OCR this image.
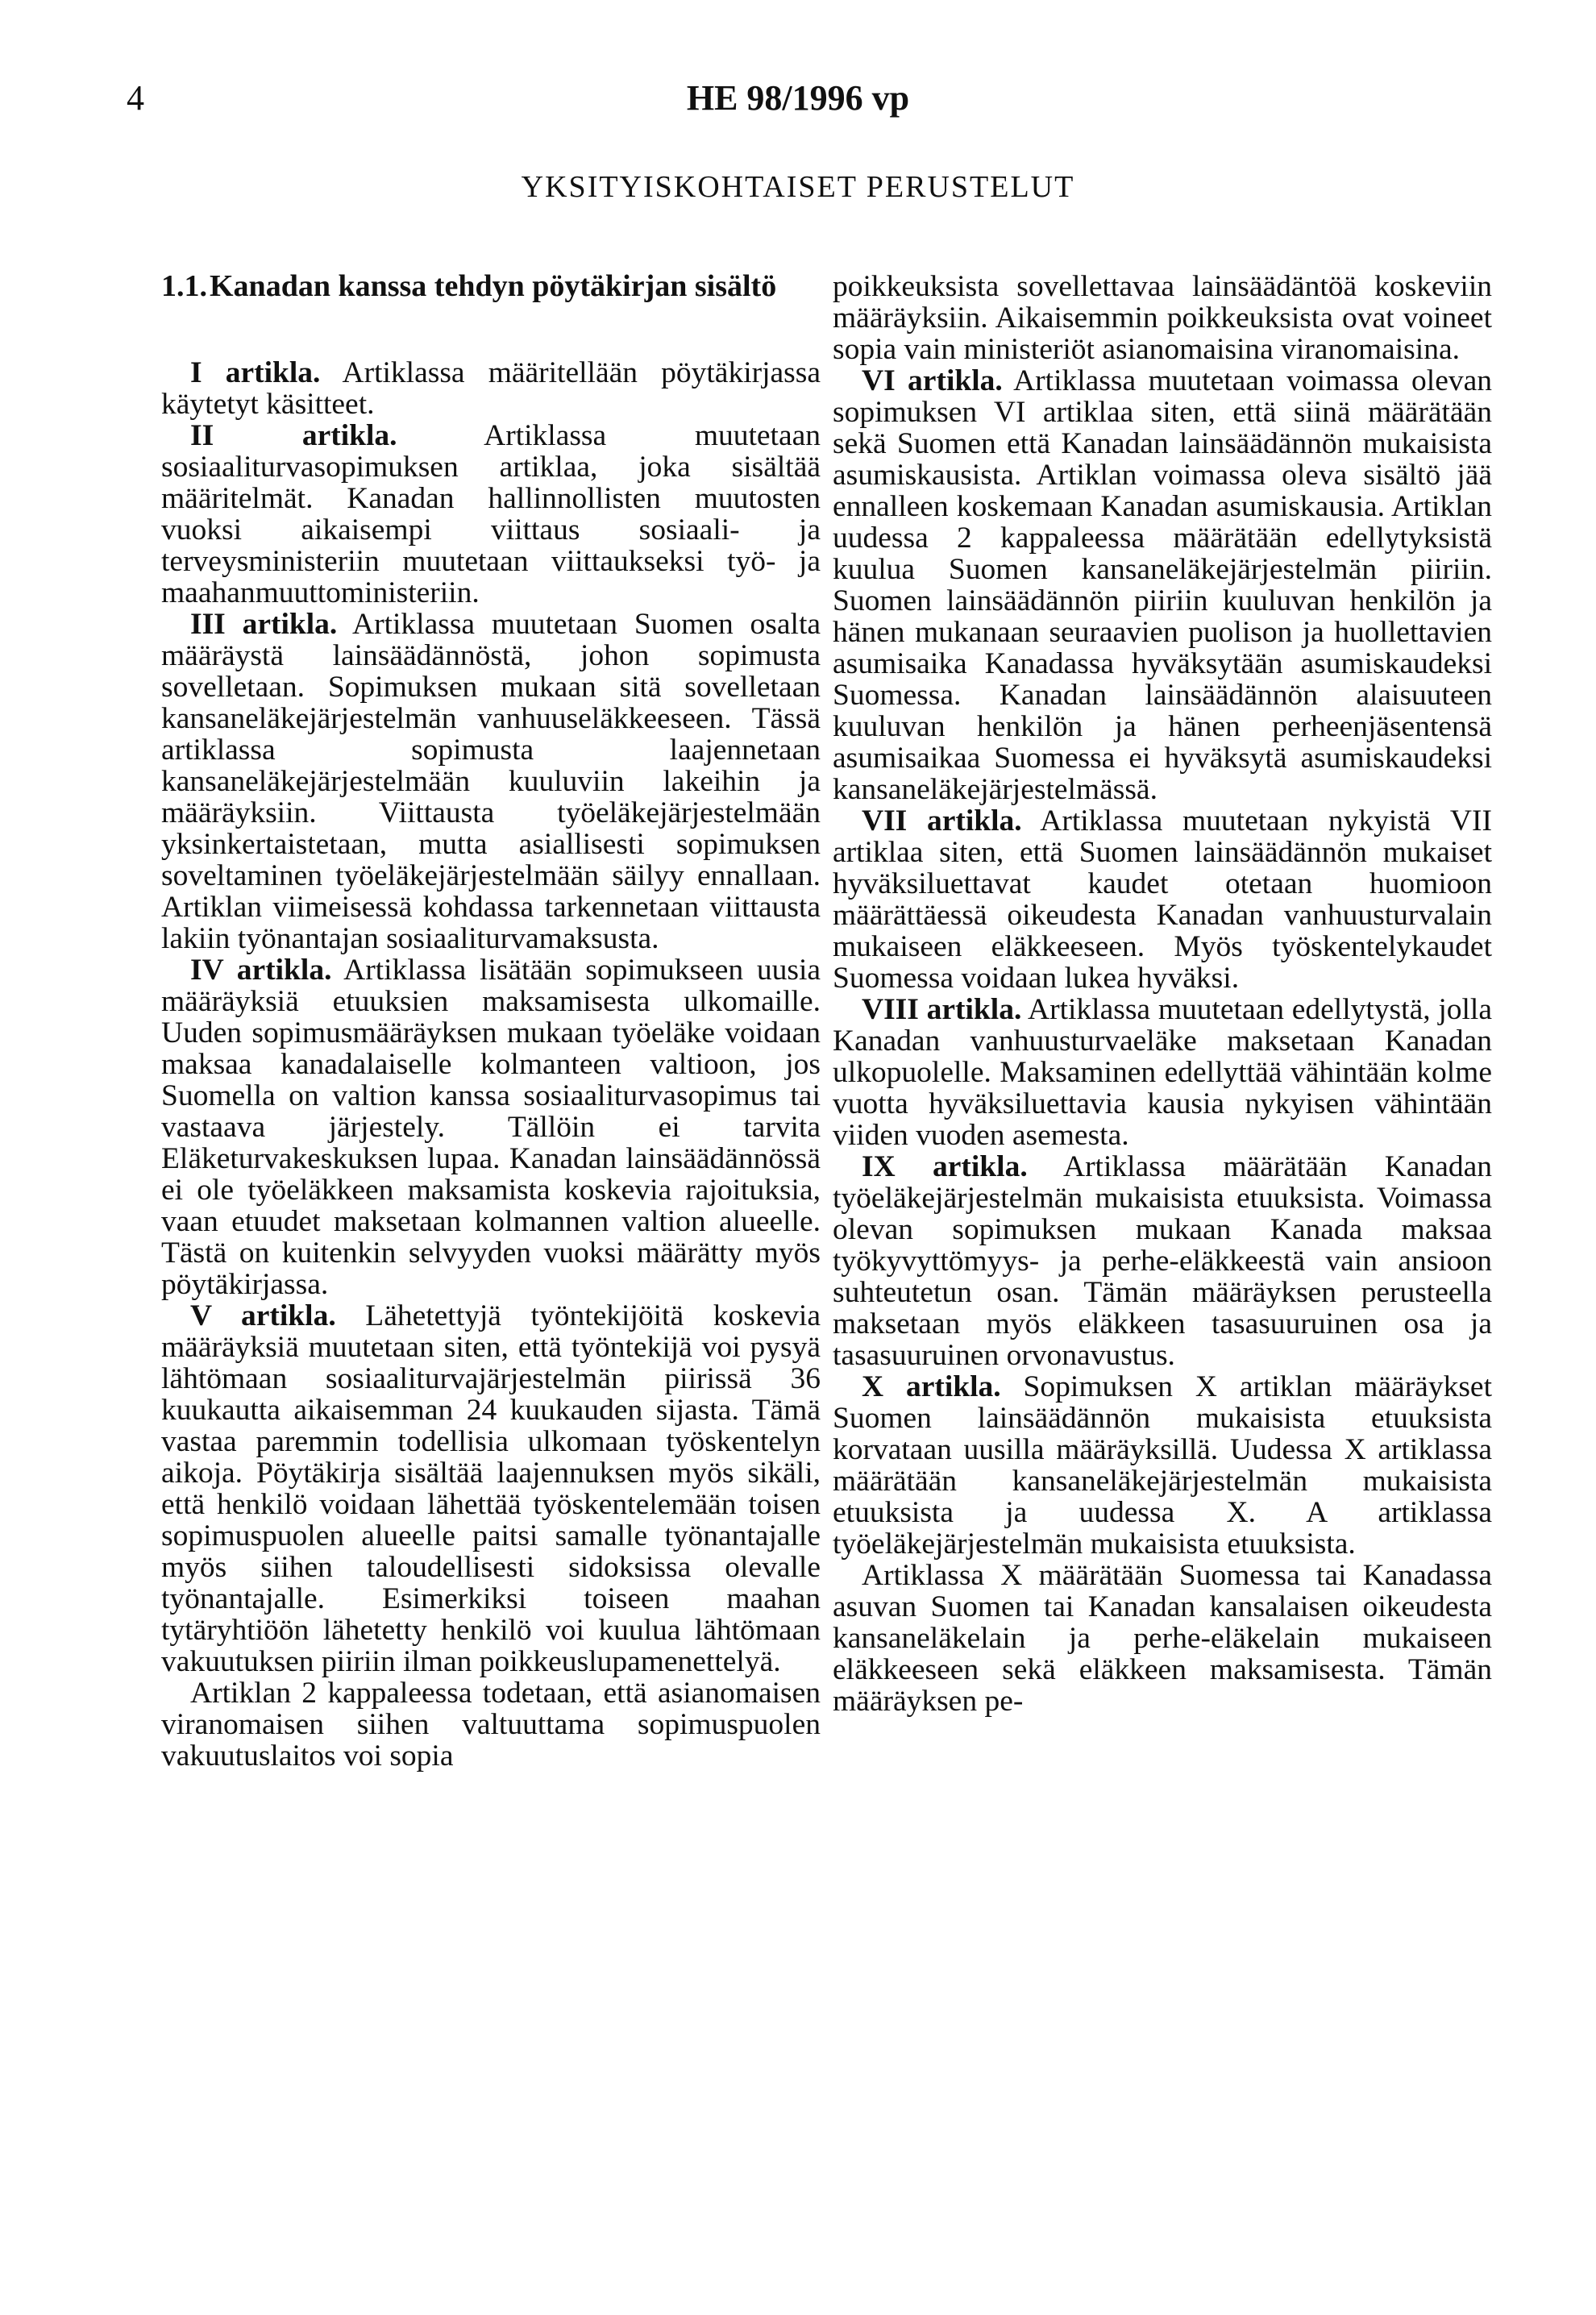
4	HE 98/1996 vp
YKSITYISKOHTAISET PERUSTELUT
1.1.Kanadan kanssa tehdyn pöytäkirjan sisältö

I artikla. Artiklassa määritellään pöytäkirjassa käytetyt käsitteet.

II artikla. Artiklassa muutetaan sosiaaliturvasopimuksen artiklaa, joka sisältää määritelmät. Kanadan hallinnollisten muutosten vuoksi aikaisempi viittaus sosiaali- ja terveysministeriin muutetaan viittaukseksi työ- ja maahanmuuttoministeriin.

III artikla. Artiklassa muutetaan Suomen osalta määräystä lainsäädännöstä, johon sopimusta sovelletaan. Sopimuksen mukaan sitä sovelletaan kansaneläkejärjestelmän vanhuuseläkkeeseen. Tässä artiklassa sopimusta laajennetaan kansaneläkejärjestelmään kuuluviin lakeihin ja määräyksiin. Viittausta työeläkejärjestelmään yksinkertaistetaan, mutta asiallisesti sopimuksen soveltaminen työeläkejärjestelmään säilyy ennallaan. Artiklan viimeisessä kohdassa tarkennetaan viittausta lakiin työnantajan sosiaaliturvamaksusta.

IV artikla. Artiklassa lisätään sopimukseen uusia määräyksiä etuuksien maksamisesta ulkomaille. Uuden sopimusmääräyksen mukaan työeläke voidaan maksaa kanadalaiselle kolmanteen valtioon, jos Suomella on valtion kanssa sosiaaliturvasopimus tai vastaava järjestely. Tällöin ei tarvita Eläketurvakeskuksen lupaa. Kanadan lainsäädännössä ei ole työeläkkeen maksamista koskevia rajoituksia, vaan etuudet maksetaan kolmannen valtion alueelle. Tästä on kuitenkin selvyyden vuoksi määrätty myös pöytäkirjassa.

V artikla. Lähetettyjä työntekijöitä koskevia määräyksiä muutetaan siten, että työntekijä voi pysyä lähtömaan sosiaaliturvajärjestelmän piirissä 36 kuukautta aikaisemman 24 kuukauden sijasta. Tämä vastaa paremmin todellisia ulkomaan työskentelyn aikoja. Pöytäkirja sisältää laajennuksen myös sikäli, että henkilö voidaan lähettää työskentelemään toisen sopimuspuolen alueelle paitsi samalle työnantajalle myös siihen taloudellisesti sidoksissa olevalle työnantajalle. Esimerkiksi toiseen maahan tytäryhtiöön lähetetty henkilö voi kuulua lähtömaan vakuutuksen piiriin ilman poikkeuslupamenettelyä.

Artiklan 2 kappaleessa todetaan, että asianomaisen viranomaisen siihen valtuuttama sopimuspuolen vakuutuslaitos voi sopia

poikkeuksista sovellettavaa lainsäädäntöä koskeviin määräyksiin. Aikaisemmin poikkeuksista ovat voineet sopia vain ministeriöt asianomaisina viranomaisina.

VI artikla. Artiklassa muutetaan voimassa olevan sopimuksen VI artiklaa siten, että siinä määrätään sekä Suomen että Kanadan lainsäädännön mukaisista asumiskausista. Artiklan voimassa oleva sisältö jää ennalleen koskemaan Kanadan asumiskausia. Artiklan uudessa 2 kappaleessa määrätään edellytyksistä kuulua Suomen kansaneläkejärjestelmän piiriin. Suomen lainsäädännön piiriin kuuluvan henkilön ja hänen mukanaan seuraavien puolison ja huollettavien asumisaika Kanadassa hyväksytään asumiskaudeksi Suomessa. Kanadan lainsäädännön alaisuuteen kuuluvan henkilön ja hänen perheenjäsentensä asumisaikaa Suomessa ei hyväksytä asumiskaudeksi kansaneläkejärjestelmässä.

VII artikla. Artiklassa muutetaan nykyistä VII artiklaa siten, että Suomen lainsäädännön mukaiset hyväksiluettavat kaudet otetaan huomioon määrättäessä oikeudesta Kanadan vanhuusturvalain mukaiseen eläkkeeseen. Myös työskentelykaudet Suomessa voidaan lukea hyväksi.

VIII artikla. Artiklassa muutetaan edellytystä, jolla Kanadan vanhuusturvaeläke maksetaan Kanadan ulkopuolelle. Maksaminen edellyttää vähintään kolme vuotta hyväksiluettavia kausia nykyisen vähintään viiden vuoden asemesta.

IX artikla. Artiklassa määrätään Kanadan työeläkejärjestelmän mukaisista etuuksista. Voimassa olevan sopimuksen mukaan Kanada maksaa työkyvyttömyys- ja perhe-eläkkeestä vain ansioon suhteutetun osan. Tämän määräyksen perusteella maksetaan myös eläkkeen tasasuuruinen osa ja tasasuuruinen orvonavustus.

X artikla. Sopimuksen X artiklan määräykset Suomen lainsäädännön mukaisista etuuksista korvataan uusilla määräyksillä. Uudessa X artiklassa määrätään kansaneläkejärjestelmän mukaisista etuuksista ja uudessa X. A artiklassa työeläkejärjestelmän mukaisista etuuksista.

Artiklassa X määrätään Suomessa tai Kanadassa asuvan Suomen tai Kanadan kansalaisen oikeudesta kansaneläkelain ja perhe-eläkelain mukaiseen eläkkeeseen sekä eläkkeen maksamisesta. Tämän määräyksen pe-
